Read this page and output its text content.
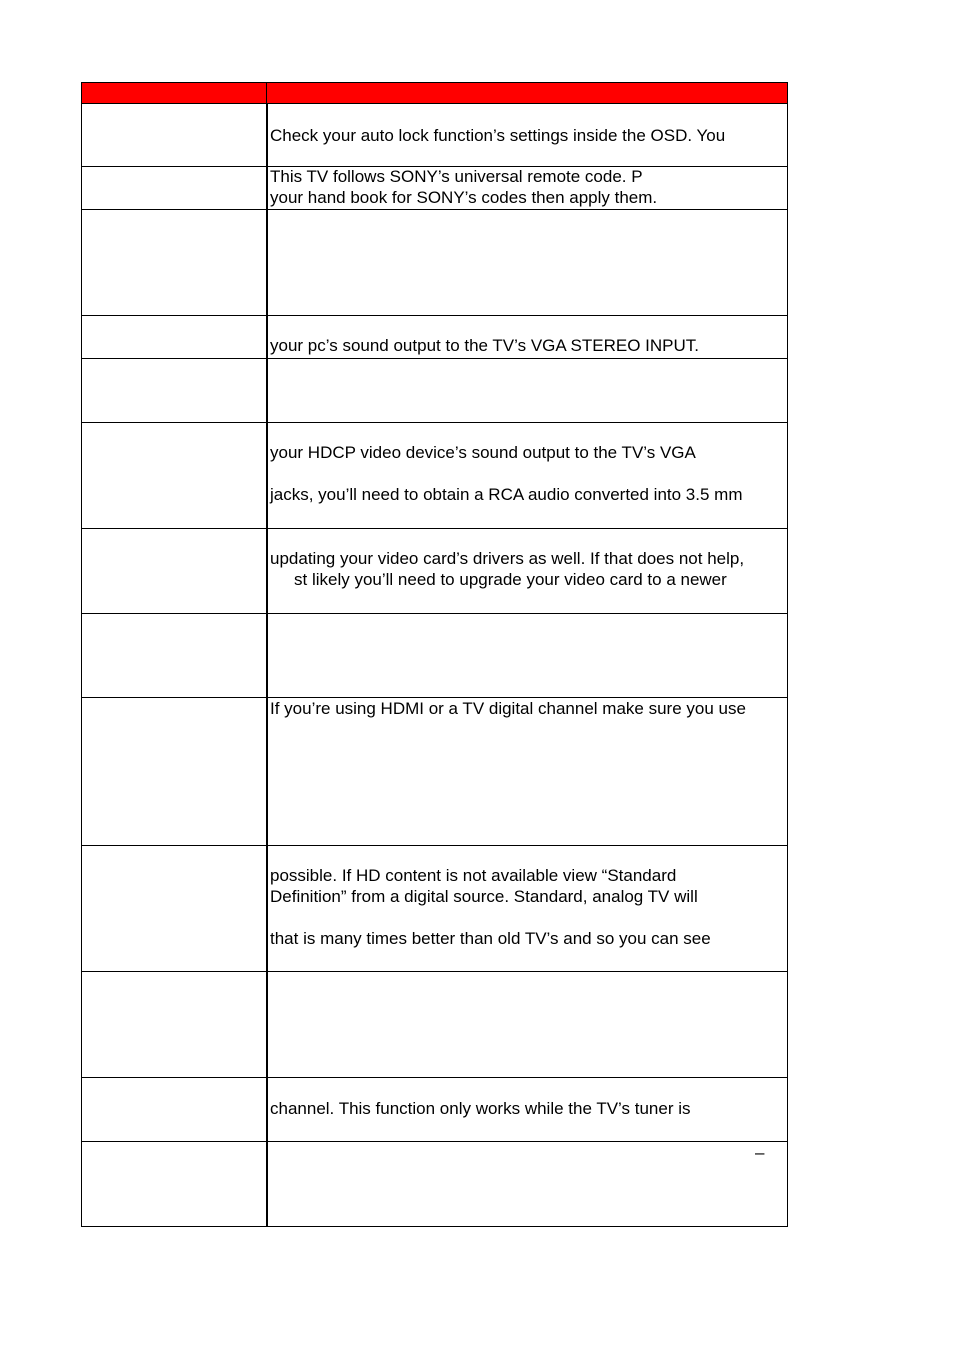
Check your auto lock function’s settings inside the OSD. You
This TV follows SONY’s universal remote code. P
your hand book for SONY’s codes then apply them.
your pc’s sound output to the TV’s VGA STEREO INPUT.
your HDCP video device’s sound output to the TV’s VGA
jacks, you’ll need to obtain a RCA audio converted into 3.5 mm
updating your video card’s drivers as well. If that does not help,
st likely you’ll need to upgrade your video card to a newer
If you’re using HDMI or a TV digital channel make sure you use
possible. If HD content is not available view “Standard
Definition” from a digital source. Standard, analog TV will
that is many times better than old TV’s and so you can see
channel. This function only works while the TV’s tuner is
–
